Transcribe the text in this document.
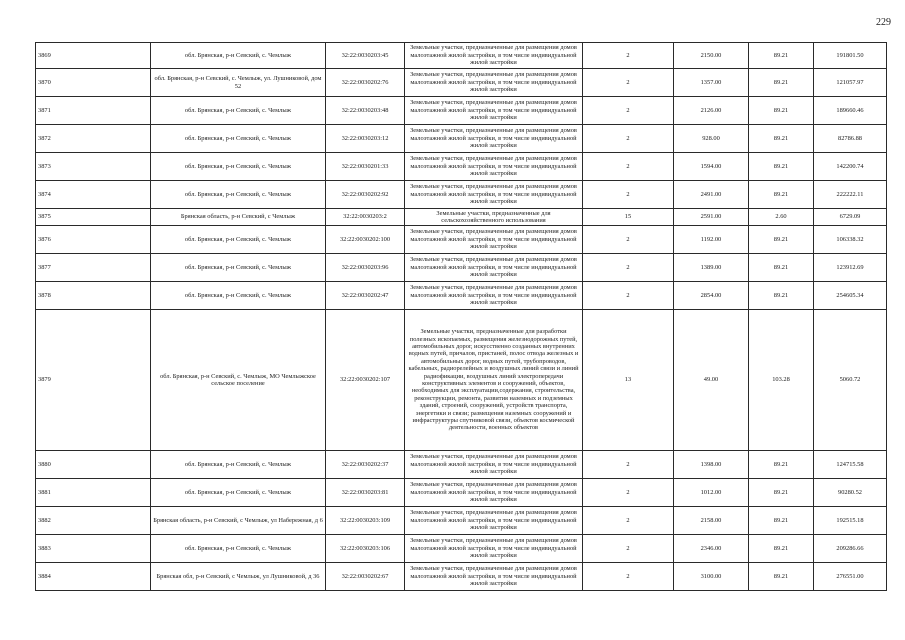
229
3869	обл. Брянская, р-н Севский, с. Чемлыж	32:22:0030203:45	Земельные участки, предназначенные для размещения домов малоэтажной жилой застройки, в том числе индивидуальной жилой застройки	2	2150.00	89.21	191801.50
3870	обл. Брянская, р-н Севский, с. Чемлыж, ул. Лушниковой, дом 52	32:22:0030202:76	Земельные участки, предназначенные для размещения домов малоэтажной жилой застройки, в том числе индивидуальной жилой застройки	2	1357.00	89.21	121057.97
3871	обл. Брянская, р-н Севский, с. Чемлыж	32:22:0030203:48	Земельные участки, предназначенные для размещения домов малоэтажной жилой застройки, в том числе индивидуальной жилой застройки	2	2126.00	89.21	189660.46
3872	обл. Брянская, р-н Севский, с. Чемлыж	32:22:0030203:12	Земельные участки, предназначенные для размещения домов малоэтажной жилой застройки, в том числе индивидуальной жилой застройки	2	928.00	89.21	82786.88
3873	обл. Брянская, р-н Севский, с. Чемлыж	32:22:0030201:33	Земельные участки, предназначенные для размещения домов малоэтажной жилой застройки, в том числе индивидуальной жилой застройки	2	1594.00	89.21	142200.74
3874	обл. Брянская, р-н Севский, с. Чемлыж	32:22:0030202:92	Земельные участки, предназначенные для размещения домов малоэтажной жилой застройки, в том числе индивидуальной жилой застройки	2	2491.00	89.21	222222.11
3875	Брянская область, р-н Севский, с Чемлыж	32:22:0030203:2	Земельные участки, предназначенные для сельскохозяйственного использования	15	2591.00	2.60	6729.09
3876	обл. Брянская, р-н Севский, с. Чемлыж	32:22:0030202:100	Земельные участки, предназначенные для размещения домов малоэтажной жилой застройки, в том числе индивидуальной жилой застройки	2	1192.00	89.21	106338.32
3877	обл. Брянская, р-н Севский, с. Чемлыж	32:22:0030203:96	Земельные участки, предназначенные для размещения домов малоэтажной жилой застройки, в том числе индивидуальной жилой застройки	2	1389.00	89.21	123912.69
3878	обл. Брянская, р-н Севский, с. Чемлыж	32:22:0030202:47	Земельные участки, предназначенные для размещения домов малоэтажной жилой застройки, в том числе индивидуальной жилой застройки	2	2854.00	89.21	254605.34
3879	обл. Брянская, р-н Севский, с. Чемлыж, МО Чемлыжское сельское поселение	32:22:0030202:107	Земельные участки, предназначенные для разработки полезных ископаемых, размещения железнодорожных путей, автомобильных дорог, искусственно созданных внутренних водных путей, причалов, пристаней, полос отвода железных и автомобильных дорог, водных путей, трубопроводов, кабельных, радиорелейных и воздушных линий связи и линий радиофикации, воздушных линий электропередачи конструктивных элементов и сооружений, объектов, необходимых для эксплуатации,содержания, строительства, реконструкции, ремонта, развития наземных и подземных зданий, строений, сооружений, устройств транспорта, энергетики и связи; размещения наземных сооружений и инфраструктуры спутниковой связи, объектов космической деятельности, военных объектов	13	49.00	103.28	5060.72
3880	обл. Брянская, р-н Севский, с. Чемлыж	32:22:0030202:37	Земельные участки, предназначенные для размещения домов малоэтажной жилой застройки, в том числе индивидуальной жилой застройки	2	1398.00	89.21	124715.58
3881	обл. Брянская, р-н Севский, с. Чемлыж	32:22:0030203:81	Земельные участки, предназначенные для размещения домов малоэтажной жилой застройки, в том числе индивидуальной жилой застройки	2	1012.00	89.21	90280.52
3882	Брянская область, р-н Севский, с Чемлыж, ул Набережная, д 6	32:22:0030203:109	Земельные участки, предназначенные для размещения домов малоэтажной жилой застройки, в том числе индивидуальной жилой застройки	2	2158.00	89.21	192515.18
3883	обл. Брянская, р-н Севский, с. Чемлыж	32:22:0030203:106	Земельные участки, предназначенные для размещения домов малоэтажной жилой застройки, в том числе индивидуальной жилой застройки	2	2346.00	89.21	209286.66
3884	Брянская обл, р-н Севский, с Чемлыж, ул Лушниковой, д 36	32:22:0030202:67	Земельные участки, предназначенные для размещения домов малоэтажной жилой застройки, в том числе индивидуальной жилой застройки	2	3100.00	89.21	276551.00
